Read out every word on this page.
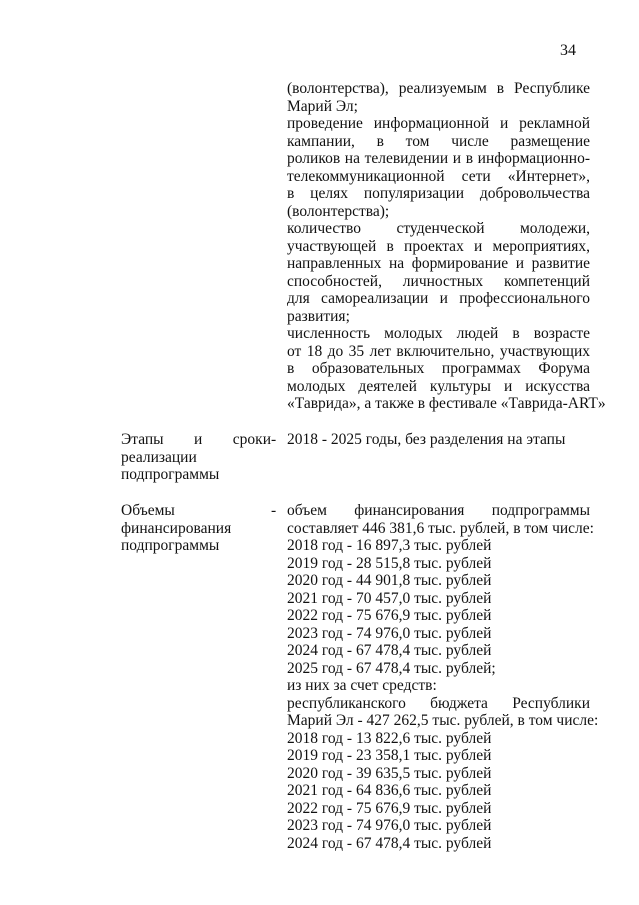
34
(волонтерства), реализуемым в Республике
Марий Эл;
проведение информационной и рекламной
кампании, в том числе размещение
роликов на телевидении и в информационно-
телекоммуникационной сети «Интернет»,
в целях популяризации добровольчества
(волонтерства);
количество студенческой молодежи,
участвующей в проектах и мероприятиях,
направленных на формирование и развитие
способностей, личностных компетенций
для самореализации и профессионального
развития;
численность молодых людей в возрасте
от 18 до 35 лет включительно, участвующих
в образовательных программах Форума
молодых деятелей культуры и искусства
«Таврида», а также в фестивале «Таврида-ART»
Этапы и сроки
реализации
подпрограммы
- 2018 - 2025 годы, без разделения на этапы
Объемы
финансирования
подпрограммы
- объем финансирования подпрограммы
составляет 446 381,6 тыс. рублей, в том числе:
2018 год - 16 897,3 тыс. рублей
2019 год - 28 515,8 тыс. рублей
2020 год - 44 901,8 тыс. рублей
2021 год - 70 457,0 тыс. рублей
2022 год - 75 676,9 тыс. рублей
2023 год - 74 976,0 тыс. рублей
2024 год - 67 478,4 тыс. рублей
2025 год - 67 478,4 тыс. рублей;
из них за счет средств:
республиканского бюджета Республики
Марий Эл - 427 262,5 тыс. рублей, в том числе:
2018 год - 13 822,6 тыс. рублей
2019 год - 23 358,1 тыс. рублей
2020 год - 39 635,5 тыс. рублей
2021 год - 64 836,6 тыс. рублей
2022 год - 75 676,9 тыс. рублей
2023 год - 74 976,0 тыс. рублей
2024 год - 67 478,4 тыс. рублей
